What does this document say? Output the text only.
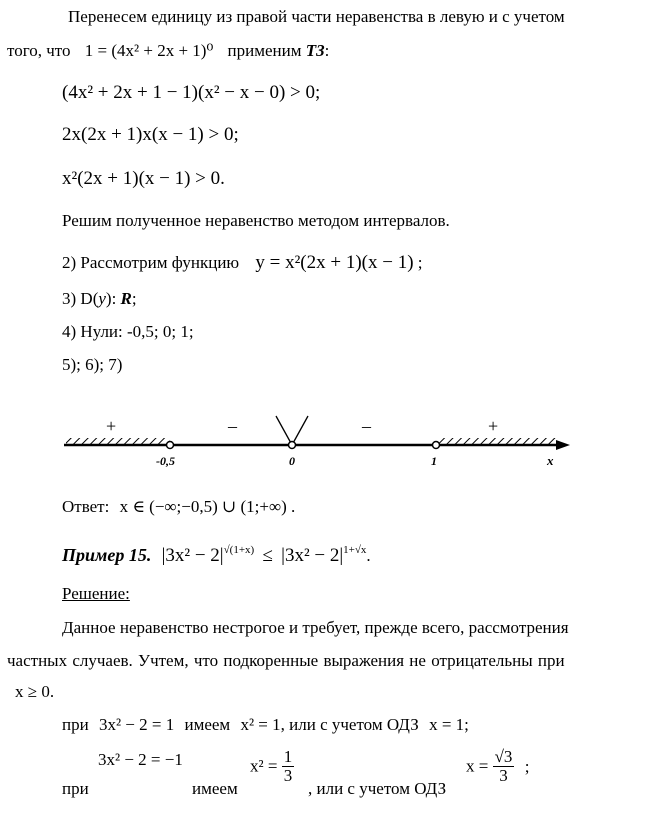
Перенесем единицу из правой части неравенства в левую и с учетом
того, что 1 = (4x² + 2x + 1)⁰ применим Т3:
(4x² + 2x + 1 − 1)(x² − x − 0) > 0;
2x(2x + 1)x(x − 1) > 0;
x²(2x + 1)(x − 1) > 0.
Решим полученное неравенство методом интервалов.
2) Рассмотрим функцию y = x²(2x + 1)(x − 1) ;
3) D(y): R;
4) Нули: -0,5; 0; 1;
5); 6); 7)
+	–	–	+
-0,5	0	1	x
Ответ: x ∈ (−∞;−0,5) ∪ (1;+∞) .
Пример 15. $|3x^2 - 2|^{√(1+x)} \le |3x^2 - 2|^{1+√x}$.
Решение:
Данное неравенство нестрогое и требует, прежде всего, рассмотрения
частных случаев. Учтем, что подкоренные выражения не отрицательны при
x ≥ 0.
при 3x² − 2 = 1 имеем x² = 1, или с учетом ОДЗ x = 1;
3x² − 2 = −1
при	имеем
$x^2 = \frac{1}{3}$
, или с учетом ОДЗ
$x = \frac{√3}{3}$ ;
